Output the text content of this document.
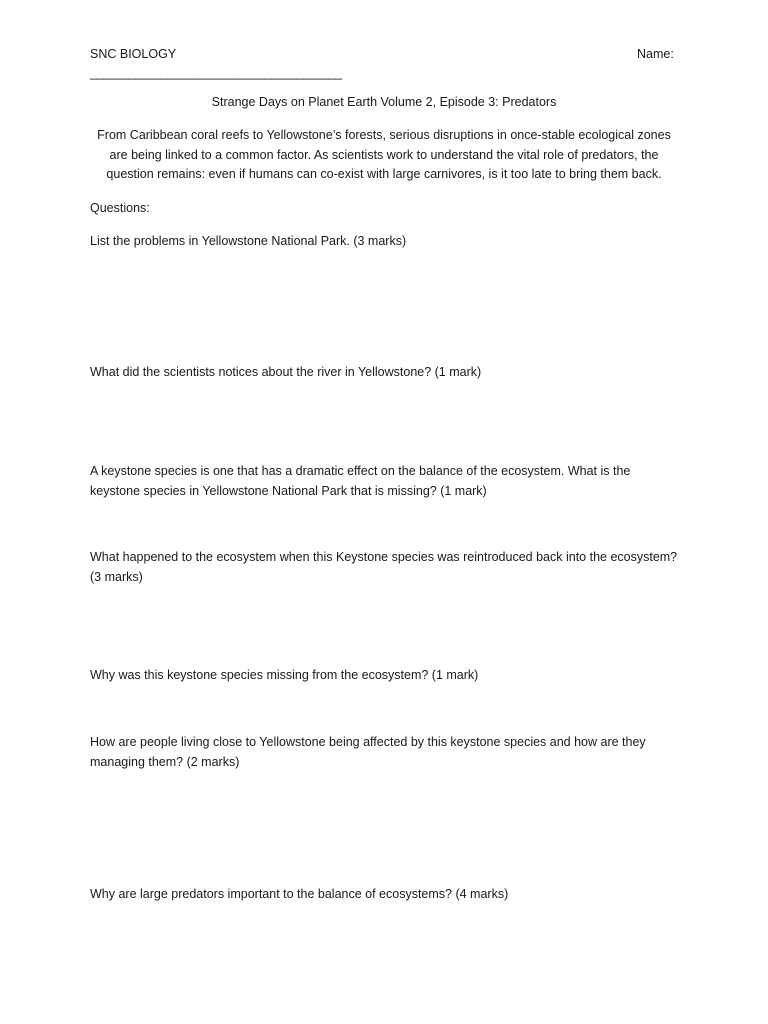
SNC BIOLOGY	Name:
_______________________________________
Strange Days on Planet Earth Volume 2, Episode 3: Predators
From Caribbean coral reefs to Yellowstone’s forests, serious disruptions in once-stable ecological zones are being linked to a common factor. As scientists work to understand the vital role of predators, the question remains: even if humans can co-exist with large carnivores, is it too late to bring them back.
Questions:
List the problems in Yellowstone National Park. (3 marks)
What did the scientists notices about the river in Yellowstone? (1 mark)
A keystone species is one that has a dramatic effect on the balance of the ecosystem. What is the keystone species in Yellowstone National Park that is missing? (1 mark)
What happened to the ecosystem when this Keystone species was reintroduced back into the ecosystem? (3 marks)
Why was this keystone species missing from the ecosystem? (1 mark)
How are people living close to Yellowstone being affected by this keystone species and how are they managing them? (2 marks)
Why are large predators important to the balance of ecosystems? (4 marks)
